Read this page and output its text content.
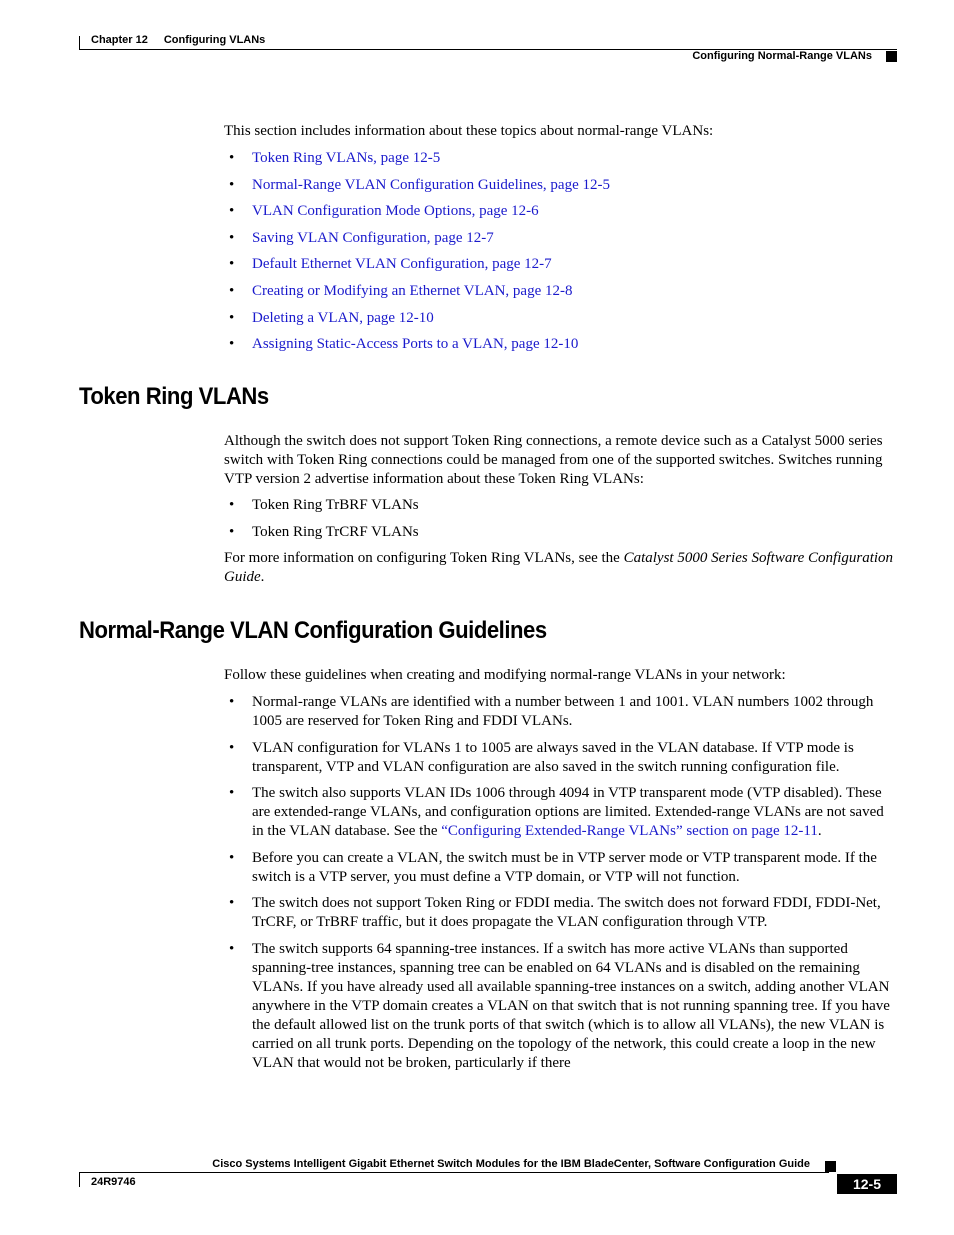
Chapter 12 Configuring VLANs
Configuring Normal-Range VLANs
This section includes information about these topics about normal-range VLANs:
• Token Ring VLANs, page 12-5
• Normal-Range VLAN Configuration Guidelines, page 12-5
• VLAN Configuration Mode Options, page 12-6
• Saving VLAN Configuration, page 12-7
• Default Ethernet VLAN Configuration, page 12-7
• Creating or Modifying an Ethernet VLAN, page 12-8
• Deleting a VLAN, page 12-10
• Assigning Static-Access Ports to a VLAN, page 12-10
Token Ring VLANs
Although the switch does not support Token Ring connections, a remote device such as a Catalyst 5000 series switch with Token Ring connections could be managed from one of the supported switches. Switches running VTP version 2 advertise information about these Token Ring VLANs:
• Token Ring TrBRF VLANs
• Token Ring TrCRF VLANs
For more information on configuring Token Ring VLANs, see the Catalyst 5000 Series Software Configuration Guide.
Normal-Range VLAN Configuration Guidelines
Follow these guidelines when creating and modifying normal-range VLANs in your network:
• Normal-range VLANs are identified with a number between 1 and 1001. VLAN numbers 1002 through 1005 are reserved for Token Ring and FDDI VLANs.
• VLAN configuration for VLANs 1 to 1005 are always saved in the VLAN database. If VTP mode is transparent, VTP and VLAN configuration are also saved in the switch running configuration file.
• The switch also supports VLAN IDs 1006 through 4094 in VTP transparent mode (VTP disabled). These are extended-range VLANs, and configuration options are limited. Extended-range VLANs are not saved in the VLAN database. See the “Configuring Extended-Range VLANs” section on page 12-11.
• Before you can create a VLAN, the switch must be in VTP server mode or VTP transparent mode. If the switch is a VTP server, you must define a VTP domain, or VTP will not function.
• The switch does not support Token Ring or FDDI media. The switch does not forward FDDI, FDDI-Net, TrCRF, or TrBRF traffic, but it does propagate the VLAN configuration through VTP.
• The switch supports 64 spanning-tree instances. If a switch has more active VLANs than supported spanning-tree instances, spanning tree can be enabled on 64 VLANs and is disabled on the remaining VLANs. If you have already used all available spanning-tree instances on a switch, adding another VLAN anywhere in the VTP domain creates a VLAN on that switch that is not running spanning tree. If you have the default allowed list on the trunk ports of that switch (which is to allow all VLANs), the new VLAN is carried on all trunk ports. Depending on the topology of the network, this could create a loop in the new VLAN that would not be broken, particularly if there
Cisco Systems Intelligent Gigabit Ethernet Switch Modules for the IBM BladeCenter, Software Configuration Guide
24R9746	12-5
